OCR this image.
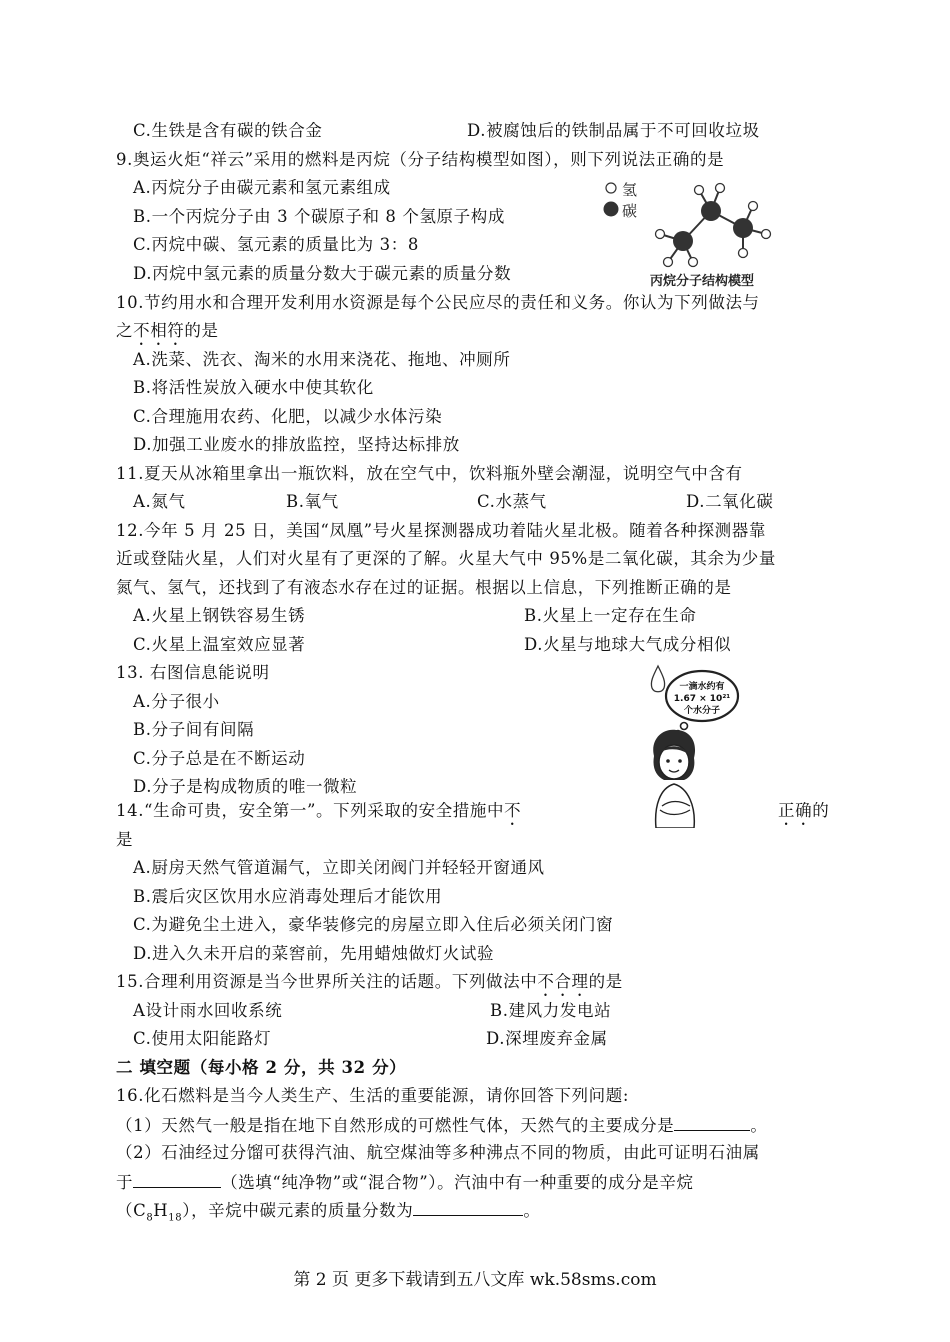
C.生铁是含有碳的铁合金	D.被腐蚀后的铁制品属于不可回收垃圾
9.奥运火炬“祥云”采用的燃料是丙烷（分子结构模型如图），则下列说法正确的是
A.丙烷分子由碳元素和氢元素组成
B.一个丙烷分子由 3 个碳原子和 8 个氢原子构成
C.丙烷中碳、氢元素的质量比为 3：8
D.丙烷中氢元素的质量分数大于碳元素的质量分数
氢
碳
丙烷分子结构模型
10.节约用水和合理开发利用水资源是每个公民应尽的责任和义务。你认为下列做法与
之不相符的是
A.洗菜、洗衣、淘米的水用来浇花、拖地、冲厕所
B.将活性炭放入硬水中使其软化
C.合理施用农药、化肥，以减少水体污染
D.加强工业废水的排放监控，坚持达标排放
11.夏天从冰箱里拿出一瓶饮料，放在空气中，饮料瓶外壁会潮湿，说明空气中含有
A.氮气	B.氧气	C.水蒸气	D.二氧化碳
12.今年 5 月 25 日，美国“凤凰”号火星探测器成功着陆火星北极。随着各种探测器靠
近或登陆火星，人们对火星有了更深的了解。火星大气中 95%是二氧化碳，其余为少量
氮气、氢气，还找到了有液态水存在过的证据。根据以上信息，下列推断正确的是
A.火星上钢铁容易生锈	B.火星上一定存在生命
C.火星上温室效应显著	D.火星与地球大气成分相似
13. 右图信息能说明
A.分子很小
B.分子间有间隔
C.分子总是在不断运动
D.分子是构成物质的唯一微粒
一滴水约有
1.67 × 10²¹
个水分子
14.“生命可贵，安全第一”。下列采取的安全措施中不	正确的
是
A.厨房天然气管道漏气，立即关闭阀门并轻轻开窗通风
B.震后灾区饮用水应消毒处理后才能饮用
C.为避免尘土进入，豪华装修完的房屋立即入住后必须关闭门窗
D.进入久未开启的菜窖前，先用蜡烛做灯火试验
15.合理利用资源是当今世界所关注的话题。下列做法中不合理的是
A设计雨水回收系统	B.建风力发电站
C.使用太阳能路灯	D.深埋废弃金属
二 填空题（每小格 2 分，共 32 分）
16.化石燃料是当今人类生产、生活的重要能源，请你回答下列问题:
（1）天然气一般是指在地下自然形成的可燃性气体，天然气的主要成分是	。
（2）石油经过分馏可获得汽油、航空煤油等多种沸点不同的物质，由此可证明石油属
于	（选填“纯净物”或“混合物”）。汽油中有一种重要的成分是辛烷
$(C_8H_{18})$，辛烷中碳元素的质量分数为	。
第 2 页 更多下载请到五八文库 wk.58sms.com
